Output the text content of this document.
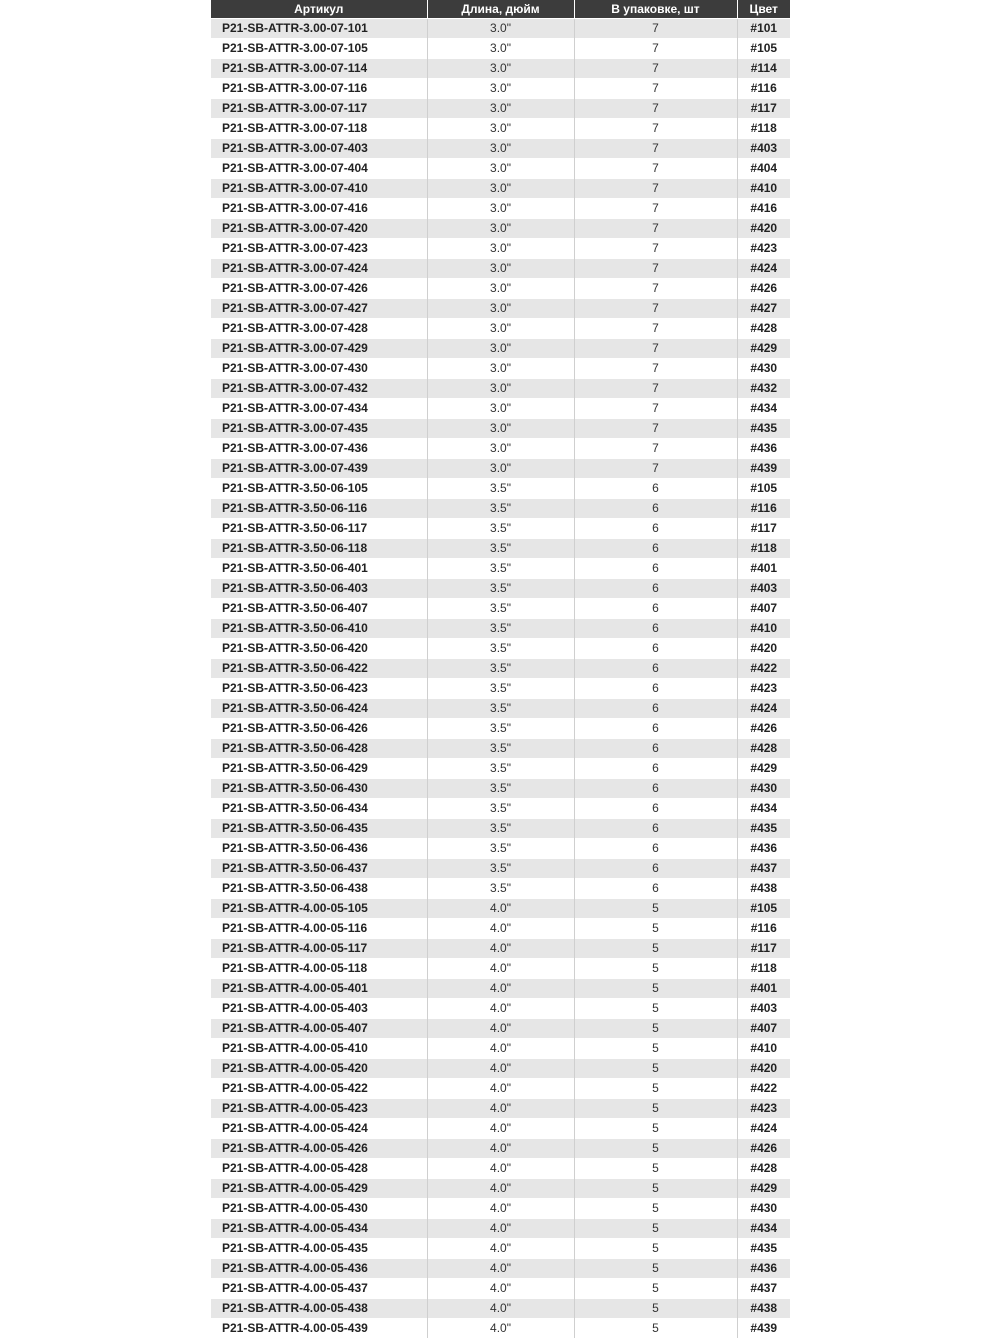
Артикул	Длина, дюйм	В упаковке, шт	Цвет
P21-SB-ATTR-3.00-07-101	3.0"	7	#101
P21-SB-ATTR-3.00-07-105	3.0"	7	#105
P21-SB-ATTR-3.00-07-114	3.0"	7	#114
P21-SB-ATTR-3.00-07-116	3.0"	7	#116
P21-SB-ATTR-3.00-07-117	3.0"	7	#117
P21-SB-ATTR-3.00-07-118	3.0"	7	#118
P21-SB-ATTR-3.00-07-403	3.0"	7	#403
P21-SB-ATTR-3.00-07-404	3.0"	7	#404
P21-SB-ATTR-3.00-07-410	3.0"	7	#410
P21-SB-ATTR-3.00-07-416	3.0"	7	#416
P21-SB-ATTR-3.00-07-420	3.0"	7	#420
P21-SB-ATTR-3.00-07-423	3.0"	7	#423
P21-SB-ATTR-3.00-07-424	3.0"	7	#424
P21-SB-ATTR-3.00-07-426	3.0"	7	#426
P21-SB-ATTR-3.00-07-427	3.0"	7	#427
P21-SB-ATTR-3.00-07-428	3.0"	7	#428
P21-SB-ATTR-3.00-07-429	3.0"	7	#429
P21-SB-ATTR-3.00-07-430	3.0"	7	#430
P21-SB-ATTR-3.00-07-432	3.0"	7	#432
P21-SB-ATTR-3.00-07-434	3.0"	7	#434
P21-SB-ATTR-3.00-07-435	3.0"	7	#435
P21-SB-ATTR-3.00-07-436	3.0"	7	#436
P21-SB-ATTR-3.00-07-439	3.0"	7	#439
P21-SB-ATTR-3.50-06-105	3.5"	6	#105
P21-SB-ATTR-3.50-06-116	3.5"	6	#116
P21-SB-ATTR-3.50-06-117	3.5"	6	#117
P21-SB-ATTR-3.50-06-118	3.5"	6	#118
P21-SB-ATTR-3.50-06-401	3.5"	6	#401
P21-SB-ATTR-3.50-06-403	3.5"	6	#403
P21-SB-ATTR-3.50-06-407	3.5"	6	#407
P21-SB-ATTR-3.50-06-410	3.5"	6	#410
P21-SB-ATTR-3.50-06-420	3.5"	6	#420
P21-SB-ATTR-3.50-06-422	3.5"	6	#422
P21-SB-ATTR-3.50-06-423	3.5"	6	#423
P21-SB-ATTR-3.50-06-424	3.5"	6	#424
P21-SB-ATTR-3.50-06-426	3.5"	6	#426
P21-SB-ATTR-3.50-06-428	3.5"	6	#428
P21-SB-ATTR-3.50-06-429	3.5"	6	#429
P21-SB-ATTR-3.50-06-430	3.5"	6	#430
P21-SB-ATTR-3.50-06-434	3.5"	6	#434
P21-SB-ATTR-3.50-06-435	3.5"	6	#435
P21-SB-ATTR-3.50-06-436	3.5"	6	#436
P21-SB-ATTR-3.50-06-437	3.5"	6	#437
P21-SB-ATTR-3.50-06-438	3.5"	6	#438
P21-SB-ATTR-4.00-05-105	4.0"	5	#105
P21-SB-ATTR-4.00-05-116	4.0"	5	#116
P21-SB-ATTR-4.00-05-117	4.0"	5	#117
P21-SB-ATTR-4.00-05-118	4.0"	5	#118
P21-SB-ATTR-4.00-05-401	4.0"	5	#401
P21-SB-ATTR-4.00-05-403	4.0"	5	#403
P21-SB-ATTR-4.00-05-407	4.0"	5	#407
P21-SB-ATTR-4.00-05-410	4.0"	5	#410
P21-SB-ATTR-4.00-05-420	4.0"	5	#420
P21-SB-ATTR-4.00-05-422	4.0"	5	#422
P21-SB-ATTR-4.00-05-423	4.0"	5	#423
P21-SB-ATTR-4.00-05-424	4.0"	5	#424
P21-SB-ATTR-4.00-05-426	4.0"	5	#426
P21-SB-ATTR-4.00-05-428	4.0"	5	#428
P21-SB-ATTR-4.00-05-429	4.0"	5	#429
P21-SB-ATTR-4.00-05-430	4.0"	5	#430
P21-SB-ATTR-4.00-05-434	4.0"	5	#434
P21-SB-ATTR-4.00-05-435	4.0"	5	#435
P21-SB-ATTR-4.00-05-436	4.0"	5	#436
P21-SB-ATTR-4.00-05-437	4.0"	5	#437
P21-SB-ATTR-4.00-05-438	4.0"	5	#438
P21-SB-ATTR-4.00-05-439	4.0"	5	#439
